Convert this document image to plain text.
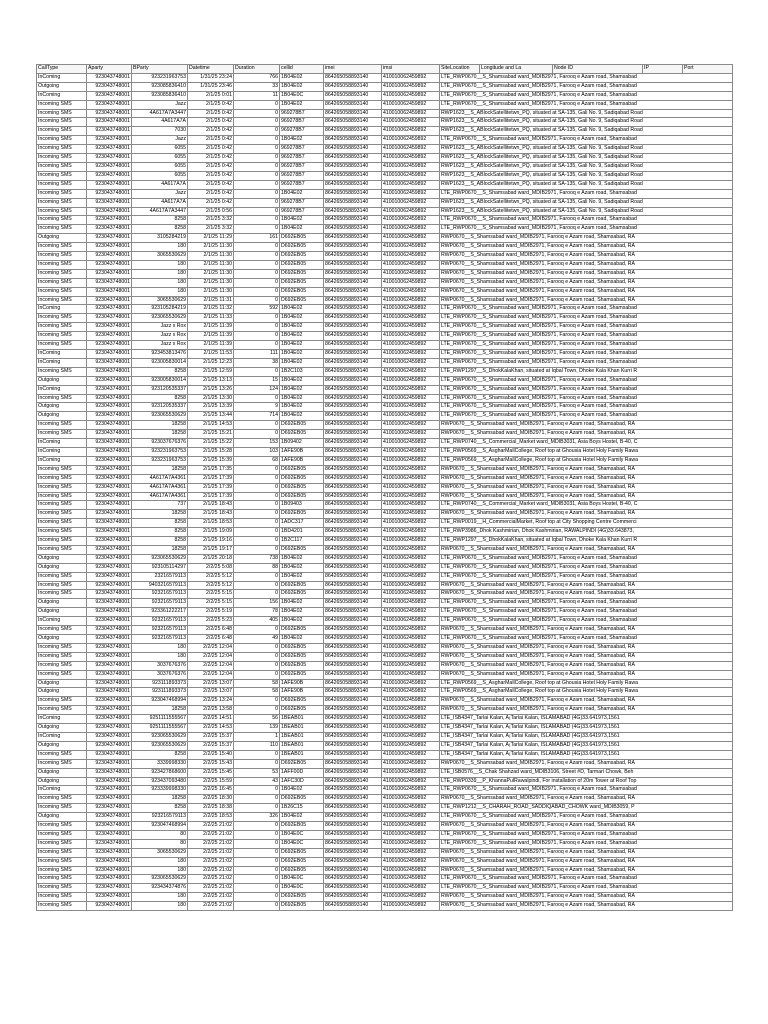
CallType	Aparty	BParty	Datetime	Duration	cellid	imei	imsi	SiteLocation	Longitude and La	Node ID	IP	Port
InComing	923043748001	923231963753	1/31/25 23:24	766	1B04E02	864265058893140	410010062459892	LTE_RWP0670__S_Shamsabad ward_MDIB2971, Farooq e Azam road, Shamsabad				
Outgoing	923043748001	923085836410	1/31/25 23:46	33	1B04E02	864265058893140	410010062459892	LTE_RWP0670__S_Shamsabad ward_MDIB2971, Farooq e Azam road, Shamsabad				
InComing	923043748001	923085836410	2/1/25 0:01	11	1B04E0C	864265058893140	410010062459892	LTE_RWP0670__S_Shamsabad ward_MDIB2971, Farooq e Azam road, Shamsabad				
Incoming SMS	923043748001	Jazz	2/1/25 0:42	0	1B04E02	864265058893140	410010062459892	LTE_RWP0670__S_Shamsabad ward_MDIB2971, Farooq e Azam road, Shamsabad				
Incoming SMS	923043748001	4A617A7A3447	2/1/25 0:42	0	969278B7	864265058893140	410010062459892	RWP1623__S_ABlockSatellitetwn_PQ, situated at SA-135, Gali No. 9, Sadiqabad Road				
Incoming SMS	923043748001	4A617A7A	2/1/25 0:42	0	969278B7	864265058893140	410010062459892	RWP1623__S_ABlockSatellitetwn_PQ, situated at SA-135, Gali No. 9, Sadiqabad Road				
Incoming SMS	923043748001	7030	2/1/25 0:42	0	969278B7	864265058893140	410010062459892	RWP1623__S_ABlockSatellitetwn_PQ, situated at SA-135, Gali No. 9, Sadiqabad Road				
Incoming SMS	923043748001	Jazz	2/1/25 0:42	0	1B04E02	864265058893140	410010062459892	LTE_RWP0670__S_Shamsabad ward_MDIB2971, Farooq e Azam road, Shamsabad				
Incoming SMS	923043748001	6055	2/1/25 0:42	0	969278B7	864265058893140	410010062459892	RWP1623__S_ABlockSatellitetwn_PQ, situated at SA-135, Gali No. 9, Sadiqabad Road				
Incoming SMS	923043748001	6055	2/1/25 0:42	0	969278B7	864265058893140	410010062459892	RWP1623__S_ABlockSatellitetwn_PQ, situated at SA-135, Gali No. 9, Sadiqabad Road				
Incoming SMS	923043748001	6055	2/1/25 0:42	0	969278B7	864265058893140	410010062459892	RWP1623__S_ABlockSatellitetwn_PQ, situated at SA-135, Gali No. 9, Sadiqabad Road				
Incoming SMS	923043748001	6055	2/1/25 0:42	0	969278B7	864265058893140	410010062459892	RWP1623__S_ABlockSatellitetwn_PQ, situated at SA-135, Gali No. 9, Sadiqabad Road				
Incoming SMS	923043748001	4A617A7A	2/1/25 0:42	0	969278B7	864265058893140	410010062459892	RWP1623__S_ABlockSatellitetwn_PQ, situated at SA-135, Gali No. 9, Sadiqabad Road				
Incoming SMS	923043748001	Jazz	2/1/25 0:42	0	1B04E02	864265058893140	410010062459892	LTE_RWP0670__S_Shamsabad ward_MDIB2971, Farooq e Azam road, Shamsabad				
Incoming SMS	923043748001	4A617A7A	2/1/25 0:42	0	969278B7	864265058893140	410010062459892	RWP1623__S_ABlockSatellitetwn_PQ, situated at SA-135, Gali No. 9, Sadiqabad Road				
Incoming SMS	923043748001	4A617A7A3447	2/1/25 0:56	0	969278B7	864265058893140	410010062459892	RWP1623__S_ABlockSatellitetwn_PQ, situated at SA-135, Gali No. 9, Sadiqabad Road				
Incoming SMS	923043748001	8258	2/1/25 3:32	0	1B04E02	864265058893140	410010062459892	LTE_RWP0670__S_Shamsabad ward_MDIB2971, Farooq e Azam road, Shamsabad				
Incoming SMS	923043748001	8258	2/1/25 3:32	0	1B04E02	864265058893140	410010062459892	LTE_RWP0670__S_Shamsabad ward_MDIB2971, Farooq e Azam road, Shamsabad				
Outgoing	923043748001	3105284219	2/1/25 11:29	161	D692EB05	864265058893140	410010062459892	RWP0670__S_Shamsabad ward_MDIB2971, Farooq e Azam road, Shamsabad, RA				
Incoming SMS	923043748001	180	2/1/25 11:30	0	D692EB05	864265058893140	410010062459892	RWP0670__S_Shamsabad ward_MDIB2971, Farooq e Azam road, Shamsabad, RA				
Incoming SMS	923043748001	3065530629	2/1/25 11:30	0	D692EB05	864265058893140	410010062459892	RWP0670__S_Shamsabad ward_MDIB2971, Farooq e Azam road, Shamsabad, RA				
Incoming SMS	923043748001	180	2/1/25 11:30	0	D692EB05	864265058893140	410010062459892	RWP0670__S_Shamsabad ward_MDIB2971, Farooq e Azam road, Shamsabad, RA				
Incoming SMS	923043748001	180	2/1/25 11:30	0	D692EB05	864265058893140	410010062459892	RWP0670__S_Shamsabad ward_MDIB2971, Farooq e Azam road, Shamsabad, RA				
Incoming SMS	923043748001	180	2/1/25 11:30	0	D692EB05	864265058893140	410010062459892	RWP0670__S_Shamsabad ward_MDIB2971, Farooq e Azam road, Shamsabad, RA				
Incoming SMS	923043748001	180	2/1/25 11:30	0	D692EB05	864265058893140	410010062459892	RWP0670__S_Shamsabad ward_MDIB2971, Farooq e Azam road, Shamsabad, RA				
Incoming SMS	923043748001	3065530629	2/1/25 11:31	0	D692EB05	864265058893140	410010062459892	RWP0670__S_Shamsabad ward_MDIB2971, Farooq e Azam road, Shamsabad, RA				
InComing	923043748001	923105284219	2/1/25 11:32	592	1B04E02	864265058893140	410010062459892	LTE_RWP0670__S_Shamsabad ward_MDIB2971, Farooq e Azam road, Shamsabad				
Incoming SMS	923043748001	923065530629	2/1/25 11:33	0	1B04E02	864265058893140	410010062459892	LTE_RWP0670__S_Shamsabad ward_MDIB2971, Farooq e Azam road, Shamsabad				
Incoming SMS	923043748001	Jazz x Rox	2/1/25 11:39	0	1B04E02	864265058893140	410010062459892	LTE_RWP0670__S_Shamsabad ward_MDIB2971, Farooq e Azam road, Shamsabad				
Incoming SMS	923043748001	Jazz x Rox	2/1/25 11:39	0	1B04E02	864265058893140	410010062459892	LTE_RWP0670__S_Shamsabad ward_MDIB2971, Farooq e Azam road, Shamsabad				
Incoming SMS	923043748001	Jazz x Rox	2/1/25 11:39	0	1B04E02	864265058893140	410010062459892	LTE_RWP0670__S_Shamsabad ward_MDIB2971, Farooq e Azam road, Shamsabad				
InComing	923043748001	923453813476	2/1/25 11:53	111	1B04E02	864265058893140	410010062459892	LTE_RWP0670__S_Shamsabad ward_MDIB2971, Farooq e Azam road, Shamsabad				
InComing	923043748001	923005830014	2/1/25 12:23	38	1B04E02	864265058893140	410010062459892	LTE_RWP0670__S_Shamsabad ward_MDIB2971, Farooq e Azam road, Shamsabad				
Incoming SMS	923043748001	8258	2/1/25 12:59	0	1B2C103	864265058893140	410010062459892	LTE_RWP1297__S_DhokKalaKhan, situated at Iqbal Town, Dhoke Kala Khan Kurri R				
Outgoing	923043748001	923005830014	2/1/25 13:13	15	1B04E02	864265058893140	410010062459892	LTE_RWP0670__S_Shamsabad ward_MDIB2971, Farooq e Azam road, Shamsabad				
InComing	923043748001	923120535337	2/1/25 13:26	124	1B04E02	864265058893140	410010062459892	LTE_RWP0670__S_Shamsabad ward_MDIB2971, Farooq e Azam road, Shamsabad				
Incoming SMS	923043748001	8258	2/1/25 13:30	0	1B04E02	864265058893140	410010062459892	LTE_RWP0670__S_Shamsabad ward_MDIB2971, Farooq e Azam road, Shamsabad				
Outgoing	923043748001	923120535337	2/1/25 13:39	9	1B04E02	864265058893140	410010062459892	LTE_RWP0670__S_Shamsabad ward_MDIB2971, Farooq e Azam road, Shamsabad				
Outgoing	923043748001	923065530629	2/1/25 13:44	714	1B04E02	864265058893140	410010062459892	LTE_RWP0670__S_Shamsabad ward_MDIB2971, Farooq e Azam road, Shamsabad				
Incoming SMS	923043748001	18258	2/1/25 14:53	0	D692EB05	864265058893140	410010062459892	RWP0670__S_Shamsabad ward_MDIB2971, Farooq e Azam road, Shamsabad, RA				
Incoming SMS	923043748001	18258	2/1/25 15:21	0	D692EB05	864265058893140	410010062459892	RWP0670__S_Shamsabad ward_MDIB2971, Farooq e Azam road, Shamsabad, RA				
InComing	923043748001	923037676376	2/1/25 15:22	153	1B09402	864265058893140	410010062459892	LTE_RWP0740__S_Commercial_Market ward_MDIB3031, Asia Boys Hostel, B-40, C				
InComing	923043748001	923231963753	2/1/25 15:28	103	1AFE90B	864265058893140	410010062459892	LTE_RWP0569__S_AsgharMallCollege, Roof top at Ghousia Hotel Holy Family Rawa				
InComing	923043748001	923231963753	2/1/25 15:39	68	1AFE90B	864265058893140	410010062459892	LTE_RWP0569__S_AsgharMallCollege, Roof top at Ghousia Hotel Holy Family Rawa				
Incoming SMS	923043748001	18258	2/1/25 17:35	0	D692EB05	864265058893140	410010062459892	RWP0670__S_Shamsabad ward_MDIB2971, Farooq e Azam road, Shamsabad, RA				
Incoming SMS	923043748001	4A617A7A4361	2/1/25 17:39	0	D692EB05	864265058893140	410010062459892	RWP0670__S_Shamsabad ward_MDIB2971, Farooq e Azam road, Shamsabad, RA				
Incoming SMS	923043748001	4A617A7A4361	2/1/25 17:39	0	D692EB05	864265058893140	410010062459892	RWP0670__S_Shamsabad ward_MDIB2971, Farooq e Azam road, Shamsabad, RA				
Incoming SMS	923043748001	4A617A7A4361	2/1/25 17:39	0	D692EB05	864265058893140	410010062459892	RWP0670__S_Shamsabad ward_MDIB2971, Farooq e Azam road, Shamsabad, RA				
Incoming SMS	923043748001	737	2/1/25 18:43	0	1B09403	864265058893140	410010062459892	LTE_RWP0740__S_Commercial_Market ward_MDIB3031, Asia Boys Hostel, B-40, C				
Incoming SMS	923043748001	18258	2/1/25 18:43	0	D692EB05	864265058893140	410010062459892	RWP0670__S_Shamsabad ward_MDIB2971, Farooq e Azam road, Shamsabad, RA				
Incoming SMS	923043748001	8258	2/1/25 18:53	0	1ADC317	864265058893140	410010062459892	LTE_RWP0019__H_CommercialMarket, Roof top at City Shopping Centre Commerci				
Incoming SMS	923043748001	8258	2/1/25 19:09	0	1BD4201	864265058893140	410010062459892	LTE_RWP3986_Dhok Kashmirian, Dhok Kashmirian, RAWALPINDI (4G)33.643873,				
Incoming SMS	923043748001	8258	2/1/25 19:16	0	1B2C117	864265058893140	410010062459892	LTE_RWP1297__S_DhokKalaKhan, situated at Iqbal Town, Dhoke Kala Khan Kurri R				
Incoming SMS	923043748001	18258	2/1/25 19:17	0	D692EB05	864265058893140	410010062459892	RWP0670__S_Shamsabad ward_MDIB2971, Farooq e Azam road, Shamsabad, RA				
Outgoing	923043748001	923065530629	2/1/25 20:18	738	1B04E02	864265058893140	410010062459892	LTE_RWP0670__S_Shamsabad ward_MDIB2971, Farooq e Azam road, Shamsabad				
Outgoing	923043748001	923105114297	2/2/25 5:08	88	1B04E02	864265058893140	410010062459892	LTE_RWP0670__S_Shamsabad ward_MDIB2971, Farooq e Azam road, Shamsabad				
Incoming SMS	923043748001	23216579113	2/2/25 5:12	0	1B04E02	864265058893140	410010062459892	LTE_RWP0670__S_Shamsabad ward_MDIB2971, Farooq e Azam road, Shamsabad				
Incoming SMS	923043748001	9403216579113	2/2/25 5:12	0	D692EB05	864265058893140	410010062459892	RWP0670__S_Shamsabad ward_MDIB2971, Farooq e Azam road, Shamsabad, RA				
Incoming SMS	923043748001	923216579113	2/2/25 5:15	0	D692EB05	864265058893140	410010062459892	RWP0670__S_Shamsabad ward_MDIB2971, Farooq e Azam road, Shamsabad, RA				
Outgoing	923043748001	923216579113	2/2/25 5:15	156	1B04E02	864265058893140	410010062459892	LTE_RWP0670__S_Shamsabad ward_MDIB2971, Farooq e Azam road, Shamsabad				
Outgoing	923043748001	923361222217	2/2/25 5:19	78	1B04E02	864265058893140	410010062459892	LTE_RWP0670__S_Shamsabad ward_MDIB2971, Farooq e Azam road, Shamsabad				
InComing	923043748001	923216579113	2/2/25 5:23	405	1B04E02	864265058893140	410010062459892	LTE_RWP0670__S_Shamsabad ward_MDIB2971, Farooq e Azam road, Shamsabad				
Incoming SMS	923043748001	923216579113	2/2/25 6:48	0	D692EB05	864265058893140	410010062459892	RWP0670__S_Shamsabad ward_MDIB2971, Farooq e Azam road, Shamsabad, RA				
Outgoing	923043748001	923216579113	2/2/25 6:48	49	1B04E02	864265058893140	410010062459892	LTE_RWP0670__S_Shamsabad ward_MDIB2971, Farooq e Azam road, Shamsabad				
Incoming SMS	923043748001	180	2/2/25 12:04	0	D692EB05	864265058893140	410010062459892	RWP0670__S_Shamsabad ward_MDIB2971, Farooq e Azam road, Shamsabad, RA				
Incoming SMS	923043748001	180	2/2/25 12:04	0	D692EB05	864265058893140	410010062459892	RWP0670__S_Shamsabad ward_MDIB2971, Farooq e Azam road, Shamsabad, RA				
Incoming SMS	923043748001	3037676376	2/2/25 12:04	0	D692EB05	864265058893140	410010062459892	RWP0670__S_Shamsabad ward_MDIB2971, Farooq e Azam road, Shamsabad, RA				
Incoming SMS	923043748001	3037676376	2/2/25 12:04	0	D692EB05	864265058893140	410010062459892	RWP0670__S_Shamsabad ward_MDIB2971, Farooq e Azam road, Shamsabad, RA				
Outgoing	923043748001	923111893373	2/2/25 13:07	58	1AFE90B	864265058893140	410010062459892	LTE_RWP0569__S_AsgharMallCollege, Roof top at Ghousia Hotel Holy Family Rawa				
Outgoing	923043748001	923111893373	2/2/25 13:07	58	1AFE90B	864265058893140	410010062459892	LTE_RWP0569__S_AsgharMallCollege, Roof top at Ghousia Hotel Holy Family Rawa				
Incoming SMS	923043748001	923047468994	2/2/25 13:24	0	D692EB05	864265058893140	410010062459892	RWP0670__S_Shamsabad ward_MDIB2971, Farooq e Azam road, Shamsabad, RA				
Incoming SMS	923043748001	18258	2/2/25 13:58	0	D692EB05	864265058893140	410010062459892	RWP0670__S_Shamsabad ward_MDIB2971, Farooq e Azam road, Shamsabad, RA				
InComing	923043748001	9251111555567	2/2/25 14:51	56	1BEAB01	864265058893140	410010062459892	LTE_ISB4347_Tarlai Kalan, A¡Tarlai Kalan, ISLAMABAD (4G)33.641973,1561				
Outgoing	923043748001	9251111555567	2/2/25 14:53	139	1BEAB01	864265058893140	410010062459892	LTE_ISB4347_Tarlai Kalan, A¡Tarlai Kalan, ISLAMABAD (4G)33.641973,1561				
InComing	923043748001	923065530629	2/2/25 15:37	1	1BEAB01	864265058893140	410010062459892	LTE_ISB4347_Tarlai Kalan, A¡Tarlai Kalan, ISLAMABAD (4G)33.641973,1561				
Outgoing	923043748001	923065530629	2/2/25 15:37	110	1BEAB01	864265058893140	410010062459892	LTE_ISB4347_Tarlai Kalan, A¡Tarlai Kalan, ISLAMABAD (4G)33.641973,1561				
Incoming SMS	923043748001	8258	2/2/25 15:40	0	1BEAB01	864265058893140	410010062459892	LTE_ISB4347_Tarlai Kalan, A¡Tarlai Kalan, ISLAMABAD (4G)33.641973,1561				
Incoming SMS	923043748001	3339998330	2/2/25 15:43	0	D692EB05	864265058893140	410010062459892	RWP0670__S_Shamsabad ward_MDIB2971, Farooq e Azam road, Shamsabad, RA				
Outgoing	923043748001	923427868600	2/2/25 15:45	53	1AFF00D	864265058893140	410010062459892	LTE_ISB0576__S_Chak Shahzad ward_MDIB3106, Street #D, Tarmari Chowk, Beh				
Outgoing	923043748001	923437093480	2/2/25 15:59	43	1AFC30D	864265058893140	410010062459892	LTE_RWP0339__P_KhannaPulRawalpindi, For installation of 20m Tower at Roof Top				
InComing	923043748001	923339998330	2/2/25 16:45	0	1B04E02	864265058893140	410010062459892	LTE_RWP0670__S_Shamsabad ward_MDIB2971, Farooq e Azam road, Shamsabad				
Incoming SMS	923043748001	18258	2/2/25 18:30	0	D692EB05	864265058893140	410010062459892	RWP0670__S_Shamsabad ward_MDIB2971, Farooq e Azam road, Shamsabad, RA				
Incoming SMS	923043748001	8258	2/2/25 18:38	0	1B26C15	864265058893140	410010062459892	LTE_RWP1212__S_CHARAH_ROAD_SADDIQABAD_CHOWK ward_MDIB3059, P				
Outgoing	923043748001	923216579113	2/2/25 18:53	326	1B04E02	864265058893140	410010062459892	LTE_RWP0670__S_Shamsabad ward_MDIB2971, Farooq e Azam road, Shamsabad				
Incoming SMS	923043748001	923047468994	2/2/25 21:02	0	D692EB05	864265058893140	410010062459892	RWP0670__S_Shamsabad ward_MDIB2971, Farooq e Azam road, Shamsabad, RA				
Incoming SMS	923043748001	80	2/2/25 21:02	0	1B04E0C	864265058893140	410010062459892	LTE_RWP0670__S_Shamsabad ward_MDIB2971, Farooq e Azam road, Shamsabad				
Incoming SMS	923043748001	80	2/2/25 21:02	0	1B04E0C	864265058893140	410010062459892	LTE_RWP0670__S_Shamsabad ward_MDIB2971, Farooq e Azam road, Shamsabad				
Incoming SMS	923043748001	3065530629	2/2/25 21:02	0	D692EB05	864265058893140	410010062459892	RWP0670__S_Shamsabad ward_MDIB2971, Farooq e Azam road, Shamsabad, RA				
Incoming SMS	923043748001	180	2/2/25 21:02	0	D692EB05	864265058893140	410010062459892	RWP0670__S_Shamsabad ward_MDIB2971, Farooq e Azam road, Shamsabad, RA				
Incoming SMS	923043748001	180	2/2/25 21:02	0	D692EB05	864265058893140	410010062459892	RWP0670__S_Shamsabad ward_MDIB2971, Farooq e Azam road, Shamsabad, RA				
Incoming SMS	923043748001	923065530629	2/2/25 21:02	0	1B04E0C	864265058893140	410010062459892	LTE_RWP0670__S_Shamsabad ward_MDIB2971, Farooq e Azam road, Shamsabad				
Incoming SMS	923043748001	923434374876	2/2/25 21:02	0	1B04E0C	864265058893140	410010062459892	LTE_RWP0670__S_Shamsabad ward_MDIB2971, Farooq e Azam road, Shamsabad				
Incoming SMS	923043748001	180	2/2/25 21:02	0	D692EB05	864265058893140	410010062459892	RWP0670__S_Shamsabad ward_MDIB2971, Farooq e Azam road, Shamsabad, RA				
Incoming SMS	923043748001	180	2/2/25 21:02	0	D692EB05	864265058893140	410010062459892	RWP0670__S_Shamsabad ward_MDIB2971, Farooq e Azam road, Shamsabad, RA				
